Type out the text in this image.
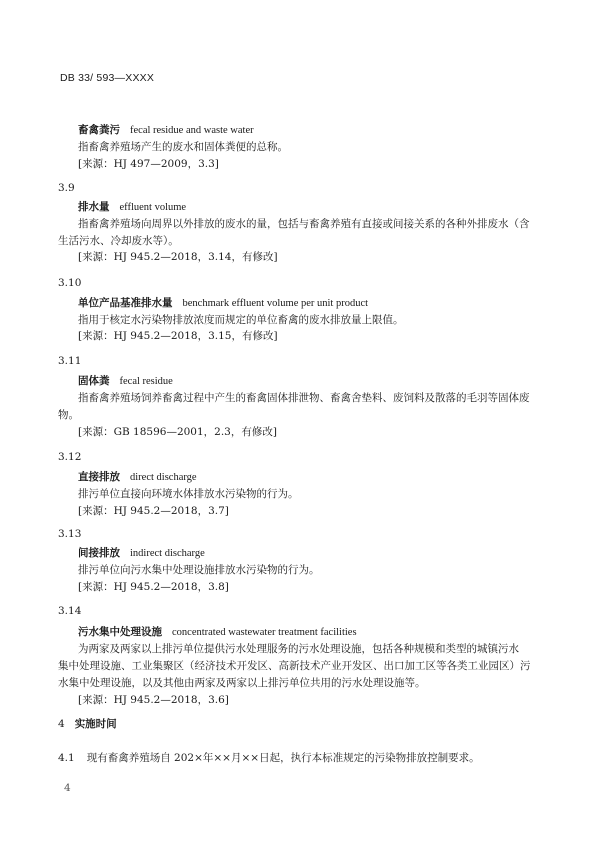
DB 33/ 593—XXXX
畜禽粪污 fecal residue and waste water
指畜禽养殖场产生的废水和固体粪便的总称。
[来源：HJ 497—2009，3.3]
3.9
排水量 effluent volume
指畜禽养殖场向周界以外排放的废水的量，包括与畜禽养殖有直接或间接关系的各种外排废水（含
生活污水、冷却废水等）。
[来源：HJ 945.2—2018，3.14，有修改]
3.10
单位产品基准排水量 benchmark effluent volume per unit product
指用于核定水污染物排放浓度而规定的单位畜禽的废水排放量上限值。
[来源：HJ 945.2—2018，3.15，有修改]
3.11
固体粪 fecal residue
指畜禽养殖场饲养畜禽过程中产生的畜禽固体排泄物、畜禽舍垫料、废饲料及散落的毛羽等固体废
物。
[来源：GB 18596—2001，2.3，有修改]
3.12
直接排放 direct discharge
排污单位直接向环境水体排放水污染物的行为。
[来源：HJ 945.2—2018，3.7]
3.13
间接排放 indirect discharge
排污单位向污水集中处理设施排放水污染物的行为。
[来源：HJ 945.2—2018，3.8]
3.14
污水集中处理设施 concentrated wastewater treatment facilities
为两家及两家以上排污单位提供污水处理服务的污水处理设施，包括各种规模和类型的城镇污水
集中处理设施、工业集聚区（经济技术开发区、高新技术产业开发区、出口加工区等各类工业园区）污
水集中处理设施，以及其他由两家及两家以上排污单位共用的污水处理设施等。
[来源：HJ 945.2—2018，3.6]
4 实施时间
4.1 现有畜禽养殖场自 202×年××月××日起，执行本标准规定的污染物排放控制要求。
4
